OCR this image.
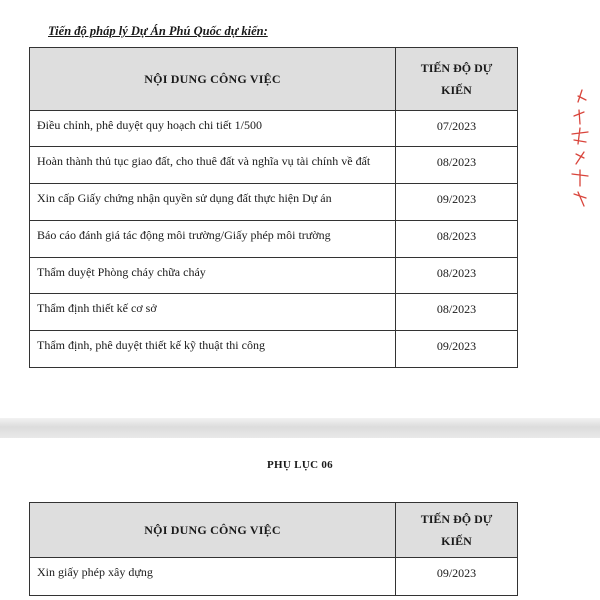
Tiến độ pháp lý Dự Án Phú Quốc dự kiến:
NỘI DUNG CÔNG VIỆC	TIẾN ĐỘ DỰ
KIẾN
Điều chỉnh, phê duyệt quy hoạch chi tiết 1/500	07/2023
Hoàn thành thủ tục giao đất, cho thuê đất và nghĩa vụ tài chính về đất	08/2023
Xin cấp Giấy chứng nhận quyền sử dụng đất thực hiện Dự án	09/2023
Báo cáo đánh giá tác động môi trường/Giấy phép môi trường	08/2023
Thẩm duyệt Phòng cháy chữa cháy	08/2023
Thẩm định thiết kế cơ sở	08/2023
Thẩm định, phê duyệt thiết kế kỹ thuật thi công	09/2023
PHỤ LỤC 06
NỘI DUNG CÔNG VIỆC	TIẾN ĐỘ DỰ
KIẾN
Xin giấy phép xây dựng	09/2023
